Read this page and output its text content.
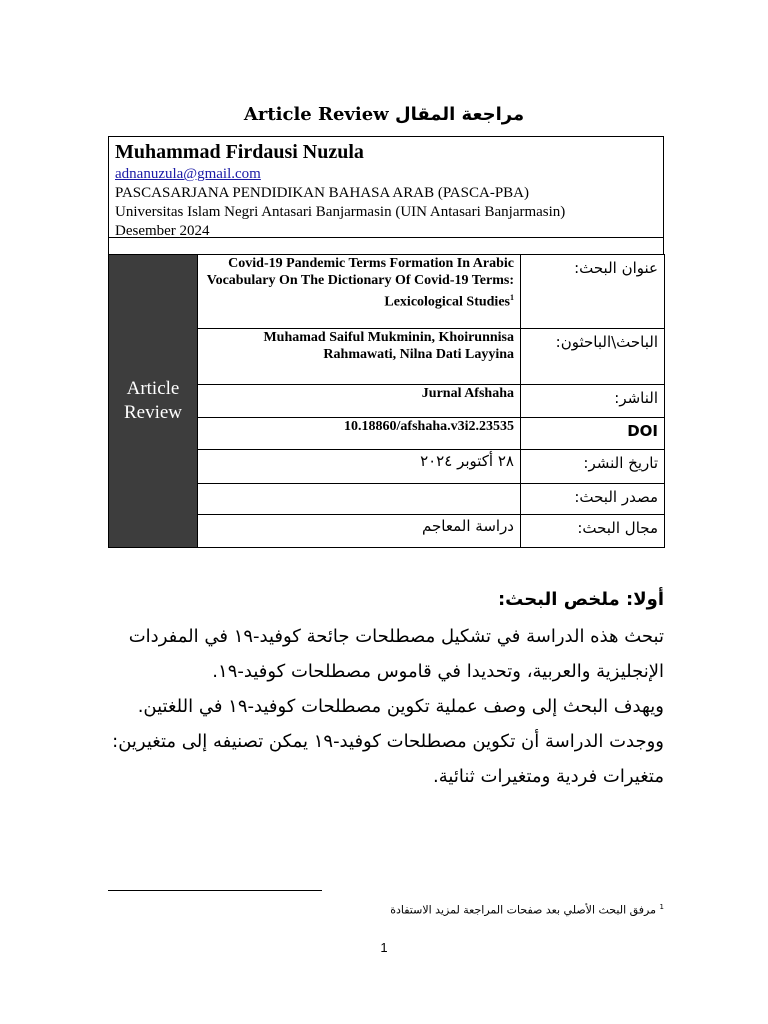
Article Review مراجعة المقال
Muhammad Firdausi Nuzula
adnanuzula@gmail.com
PASCASARJANA PENDIDIKAN BAHASA ARAB (PASCA-PBA)
Universitas Islam Negri Antasari Banjarmasin (UIN Antasari Banjarmasin)
Desember 2024
Article
Review	Covid-19 Pandemic Terms Formation In Arabic Vocabulary On The Dictionary Of Covid-19 Terms: Lexicological Studies$^1$	عنوان البحث:
	Muhamad Saiful Mukminin, Khoirunnisa Rahmawati, Nilna Dati Layyina	الباحث\الباحثون:
	Jurnal Afshaha	الناشر:
	10.18860/afshaha.v3i2.23535	DOI
	٢٨ أكتوبر ٢٠٢٤	تاريخ النشر:
		مصدر البحث:
	دراسة المعاجم	مجال البحث:

أولا: ملخص البحث:

تبحث هذه الدراسة في تشكيل مصطلحات جائحة كوفيد-١٩ في المفردات الإنجليزية والعربية، وتحديدا في قاموس مصطلحات كوفيد-١٩.

ويهدف البحث إلى وصف عملية تكوين مصطلحات كوفيد-١٩ في اللغتين.

ووجدت الدراسة أن تكوين مصطلحات كوفيد-١٩ يمكن تصنيفه إلى متغيرين: متغيرات فردية ومتغيرات ثنائية.

$^1$ مرفق البحث الأصلي بعد صفحات المراجعة لمزيد الاستفادة
1
